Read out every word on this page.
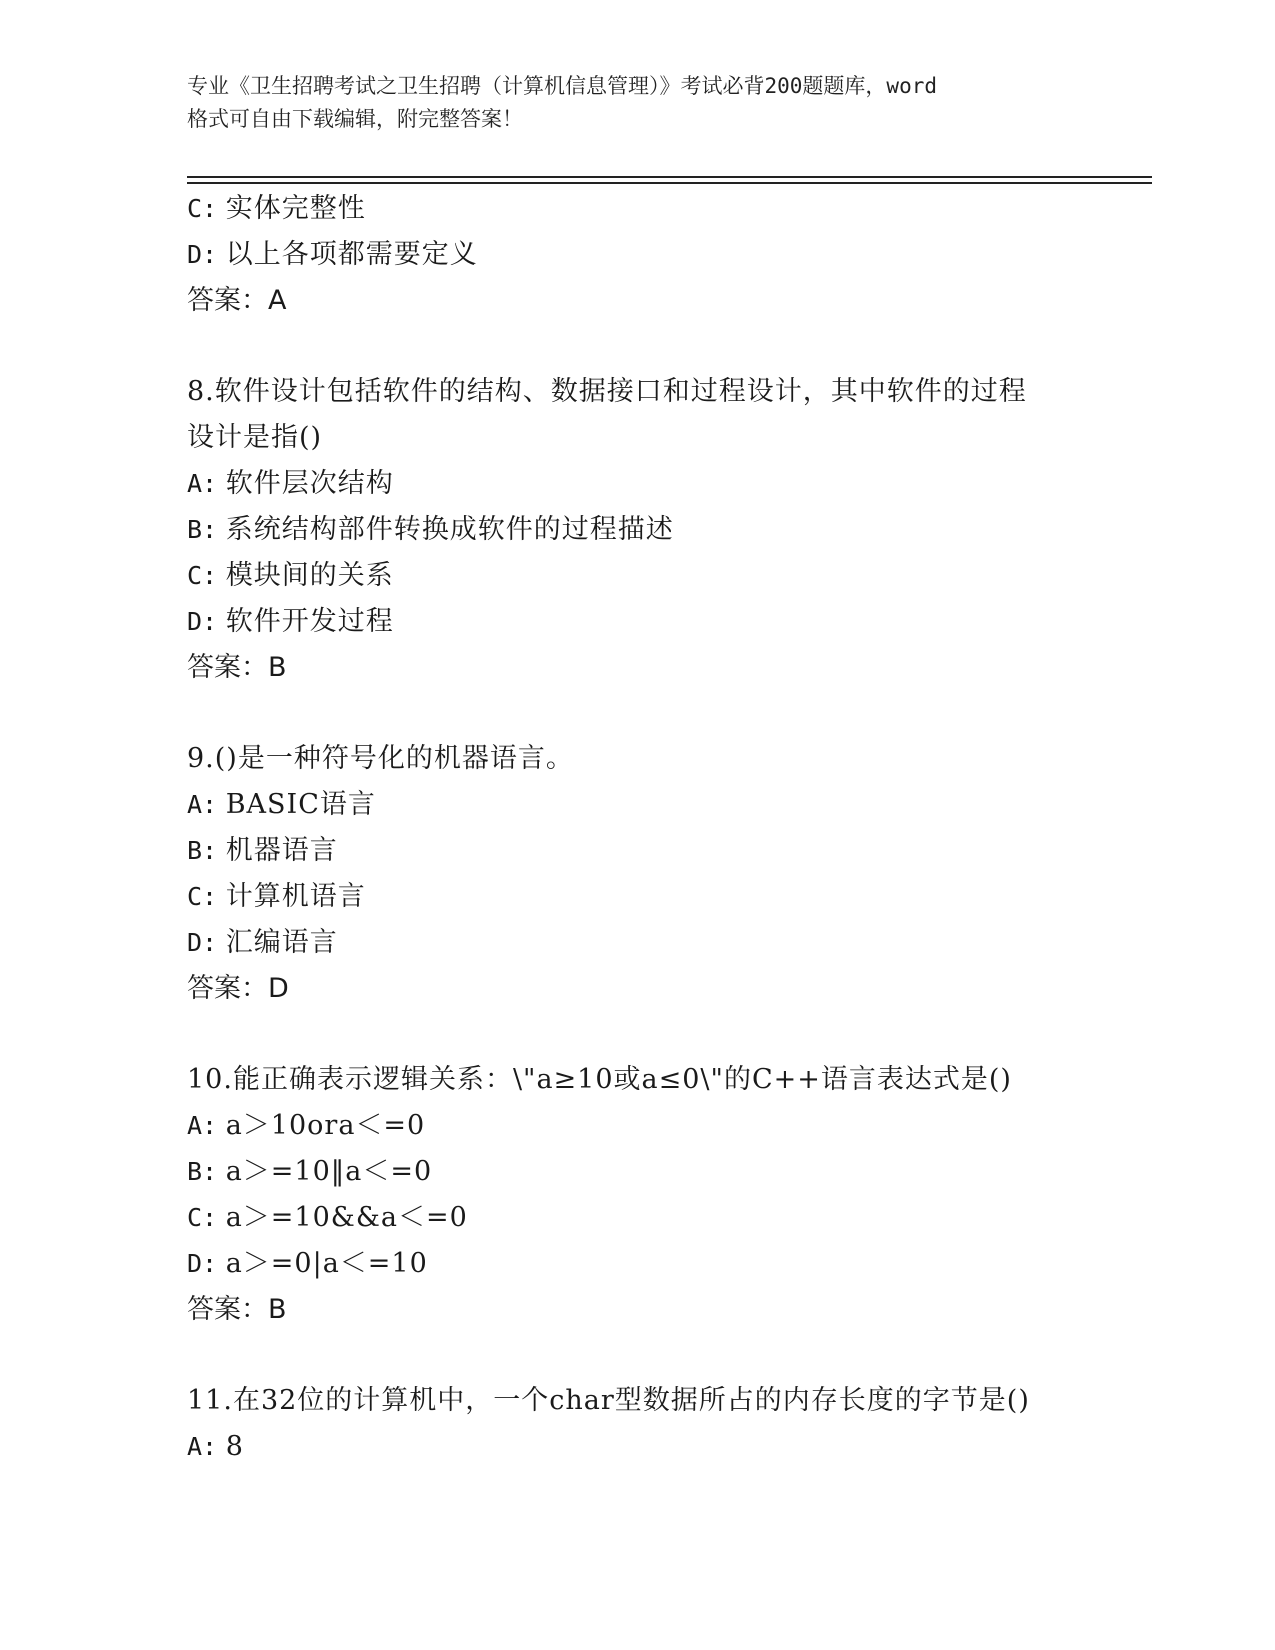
专业《卫生招聘考试之卫生招聘（计算机信息管理）》考试必背200题题库，word
格式可自由下载编辑，附完整答案！
C: 实体完整性
D: 以上各项都需要定义
答案：A
8.软件设计包括软件的结构、数据接口和过程设计，其中软件的过程
设计是指()
A: 软件层次结构
B: 系统结构部件转换成软件的过程描述
C: 模块间的关系
D: 软件开发过程
答案：B
9.()是一种符号化的机器语言。
A: BASIC语言
B: 机器语言
C: 计算机语言
D: 汇编语言
答案：D
10.能正确表示逻辑关系：\"a≥10或a≤0\"的C++语言表达式是()
A: a＞10ora＜=0
B: a＞=10‖a＜=0
C: a＞=10&&a＜=0
D: a＞=0|a＜=10
答案：B
11.在32位的计算机中，一个char型数据所占的内存长度的字节是()
A: 8
